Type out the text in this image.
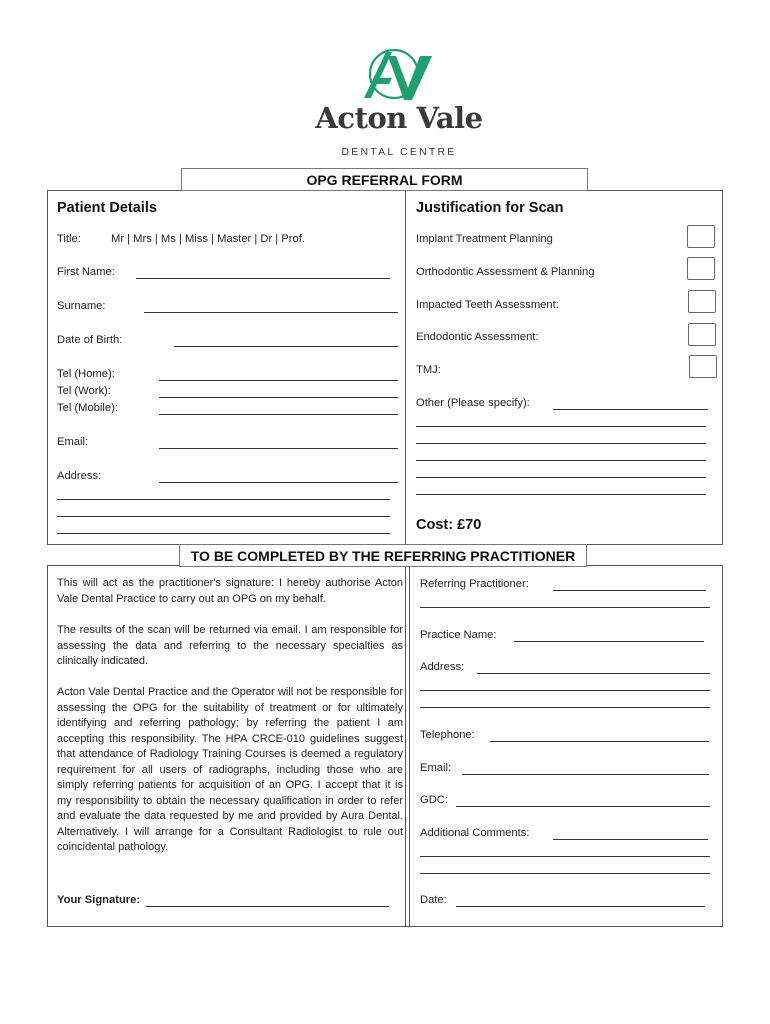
Acton Vale
DENTAL CENTRE
OPG REFERRAL FORM
Patient Details
Title:	Mr | Mrs | Ms | Miss | Master | Dr | Prof.
First Name:
Surname:
Date of Birth:
Tel (Home):
Tel (Work):
Tel (Mobile):
Email:
Address:
Justification for Scan
Implant Treatment Planning
Orthodontic Assessment & Planning
Impacted Teeth Assessment:
Endodontic Assessment:
TMJ:
Other (Please specify):
Cost: £70
TO BE COMPLETED BY THE REFERRING PRACTITIONER
This will act as the practitioner's signature: I hereby authorise Acton Vale Dental Practice to carry out an OPG on my behalf.
The results of the scan will be returned via email. I am responsible for assessing the data and referring to the necessary specialties as clinically indicated.
Acton Vale Dental Practice and the Operator will not be responsible for assessing the OPG for the suitability of treatment or for ultimately identifying and referring pathology; by referring the patient I am accepting this responsibility. The HPA CRCE-010 guidelines suggest that attendance of Radiology Training Courses is deemed a regulatory requirement for all users of radiographs, including those who are simply referring patients for acquisition of an OPG. I accept that it is my responsibility to obtain the necessary qualification in order to refer and evaluate the data requested by me and provided by Aura Dental. Alternatively, I will arrange for a Consultant Radiologist to rule out coincidental pathology.
Your Signature:
Referring Practitioner:
Practice Name:
Address:
Telephone:
Email:
GDC:
Additional Comments:
Date:
